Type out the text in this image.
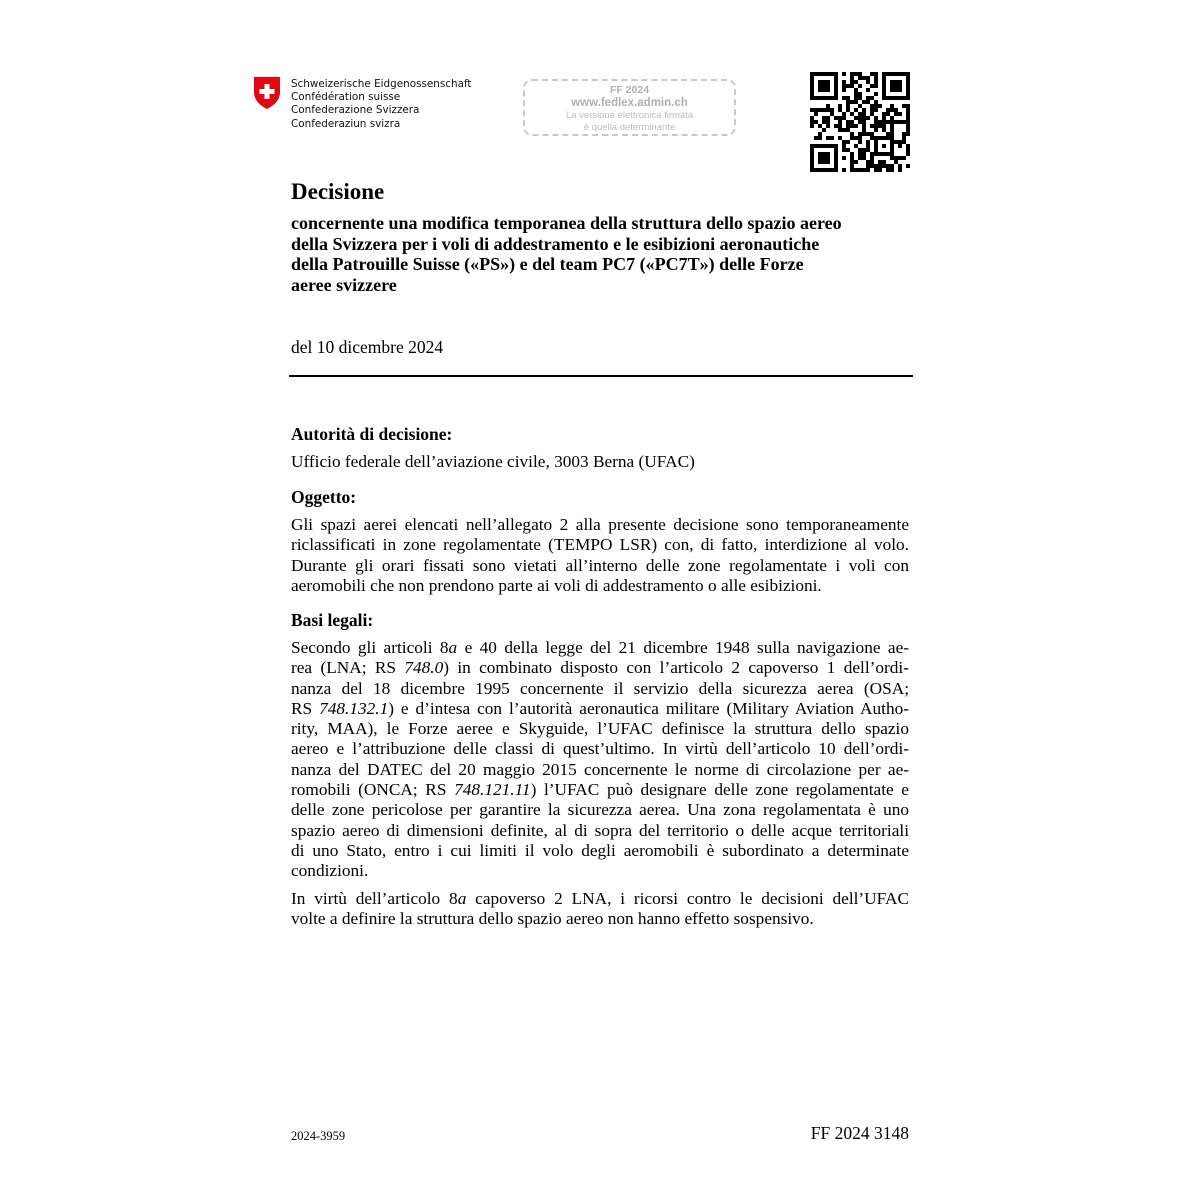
Schweizerische Eidgenossenschaft
Confédération suisse
Confederazione Svizzera
Confederaziun svizra
FF 2024
www.fedlex.admin.ch
La versione elettronica firmata
è quella determinante
Decisione
concernente una modifica temporanea della struttura dello spazio aereo
della Svizzera per i voli di addestramento e le esibizioni aeronautiche
della Patrouille Suisse («PS») e del team PC7 («PC7T») delle Forze
aeree svizzere
del 10 dicembre 2024
Autorità di decisione:

Ufficio federale dell’aviazione civile, 3003 Berna (UFAC)

Oggetto:

Gli spazi aerei elencati nell’allegato 2 alla presente decisione sono temporaneamente
riclassificati in zone regolamentate (TEMPO LSR) con, di fatto, interdizione al volo.
Durante gli orari fissati sono vietati all’interno delle zone regolamentate i voli con
aeromobili che non prendono parte ai voli di addestramento o alle esibizioni.

Basi legali:

Secondo gli articoli 8a e 40 della legge del 21 dicembre 1948 sulla navigazione ae-
rea (LNA; RS 748.0) in combinato disposto con l’articolo 2 capoverso 1 dell’ordi-
nanza del 18 dicembre 1995 concernente il servizio della sicurezza aerea (OSA;
RS 748.132.1) e d’intesa con l’autorità aeronautica militare (Military Aviation Autho-
rity, MAA), le Forze aeree e Skyguide, l’UFAC definisce la struttura dello spazio
aereo e l’attribuzione delle classi di quest’ultimo. In virtù dell’articolo 10 dell’ordi-
nanza del DATEC del 20 maggio 2015 concernente le norme di circolazione per ae-
romobili (ONCA; RS 748.121.11) l’UFAC può designare delle zone regolamentate e
delle zone pericolose per garantire la sicurezza aerea. Una zona regolamentata è uno
spazio aereo di dimensioni definite, al di sopra del territorio o delle acque territoriali
di uno Stato, entro i cui limiti il volo degli aeromobili è subordinato a determinate
condizioni.

In virtù dell’articolo 8a capoverso 2 LNA, i ricorsi contro le decisioni dell’UFAC
volte a definire la struttura dello spazio aereo non hanno effetto sospensivo.

2024-3959	FF 2024 3148
